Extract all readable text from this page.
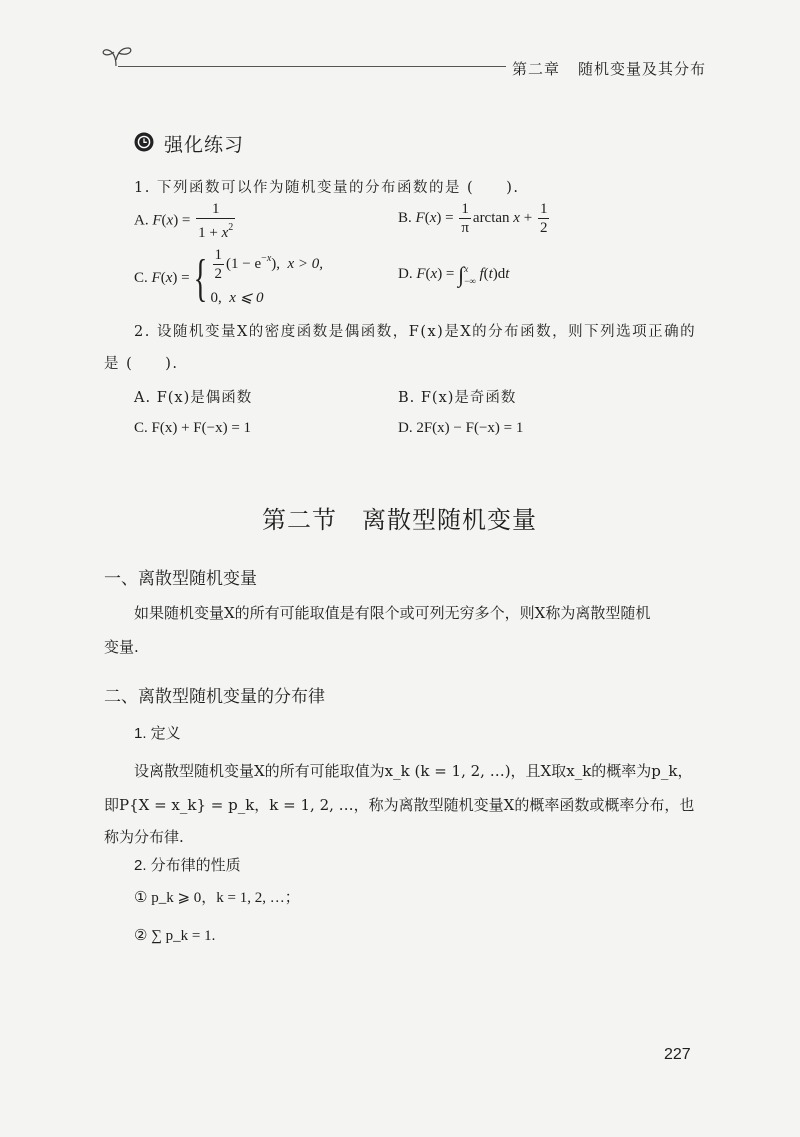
第二章 随机变量及其分布
强化练习
1. 下列函数可以作为随机变量的分布函数的是 (　　).
A. $F(x) = \frac{1}{1 + x^2}$	B. $F(x) = \frac{1}{\pi}$ $\arctan x + \frac{1}{2}$
C. F(x) ={ $\frac{1}{2} (1 - e^{-x})$,  x > 0,
0,  x ⩽ 0
D. F(x) = ∫x
−∞ f(t)dt
2. 设随机变量X的密度函数是偶函数，F(x)是X的分布函数，则下列选项正确的
是 (　　).
A. F(x)是偶函数	B. F(x)是奇函数
C. F(x) + F(−x) = 1	D. 2F(x) − F(−x) = 1
第二节　离散型随机变量
一、离散型随机变量
如果随机变量X的所有可能取值是有限个或可列无穷多个，则X称为离散型随机
变量.
二、离散型随机变量的分布律
1. 定义
设离散型随机变量X的所有可能取值为x_k (k = 1, 2, …)，且X取x_k的概率为p_k，
即P{X = x_k} = p_k，k = 1, 2, …，称为离散型随机变量X的概率函数或概率分布，也
称为分布律.
2. 分布律的性质
① p_k ⩾ 0，k = 1, 2, …；
② ∑ p_k = 1.
227
